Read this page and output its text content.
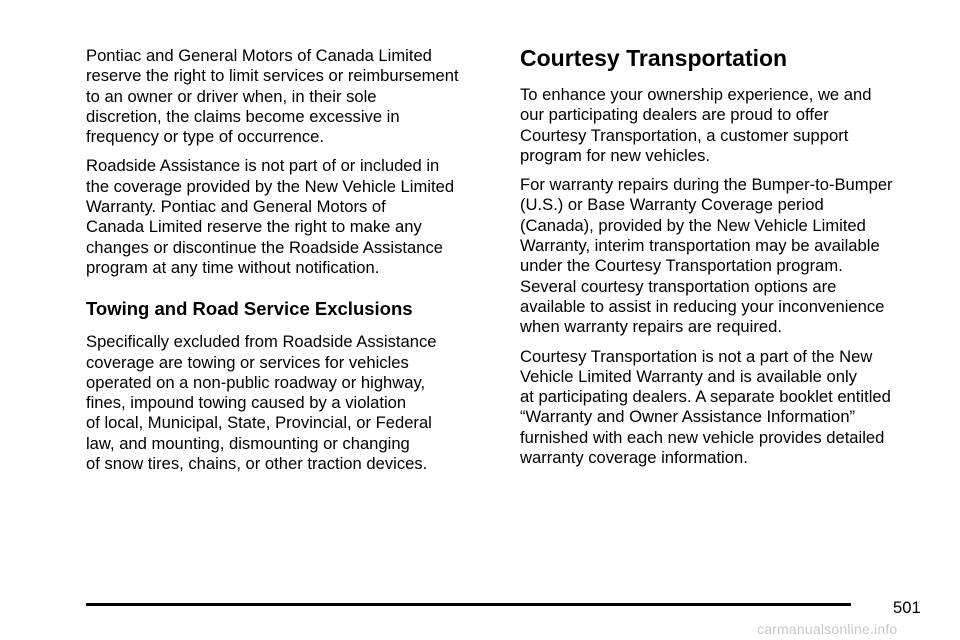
Pontiac and General Motors of Canada Limited
reserve the right to limit services or reimbursement
to an owner or driver when, in their sole
discretion, the claims become excessive in
frequency or type of occurrence.
Roadside Assistance is not part of or included in
the coverage provided by the New Vehicle Limited
Warranty. Pontiac and General Motors of
Canada Limited reserve the right to make any
changes or discontinue the Roadside Assistance
program at any time without notification.
Towing and Road Service Exclusions
Specifically excluded from Roadside Assistance
coverage are towing or services for vehicles
operated on a non-public roadway or highway,
fines, impound towing caused by a violation
of local, Municipal, State, Provincial, or Federal
law, and mounting, dismounting or changing
of snow tires, chains, or other traction devices.
Courtesy Transportation
To enhance your ownership experience, we and
our participating dealers are proud to offer
Courtesy Transportation, a customer support
program for new vehicles.
For warranty repairs during the Bumper-to-Bumper
(U.S.) or Base Warranty Coverage period
(Canada), provided by the New Vehicle Limited
Warranty, interim transportation may be available
under the Courtesy Transportation program.
Several courtesy transportation options are
available to assist in reducing your inconvenience
when warranty repairs are required.
Courtesy Transportation is not a part of the New
Vehicle Limited Warranty and is available only
at participating dealers. A separate booklet entitled
“Warranty and Owner Assistance Information”
furnished with each new vehicle provides detailed
warranty coverage information.
501
carmanualsonline.info
